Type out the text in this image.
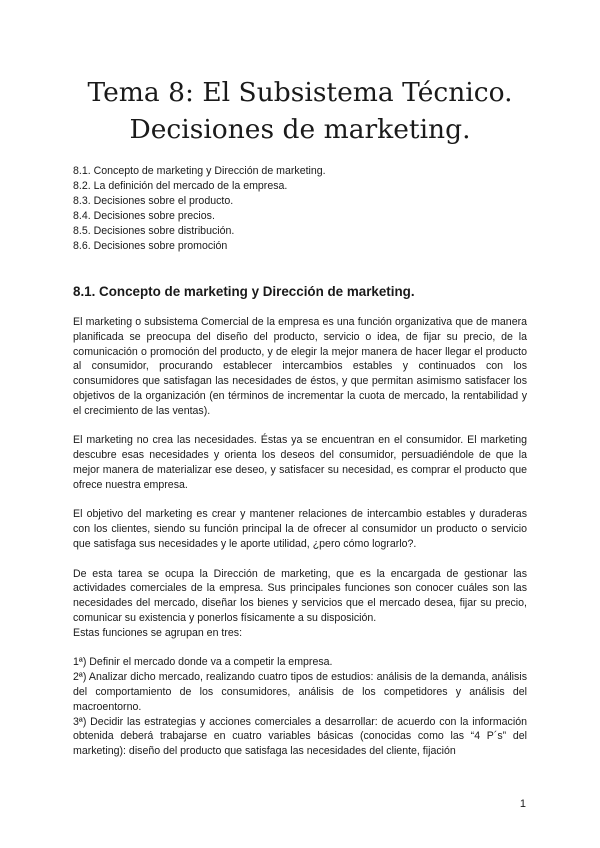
Tema 8: El Subsistema Técnico.
Decisiones de marketing.
8.1. Concepto de marketing y Dirección de marketing.
8.2. La definición del mercado de la empresa.
8.3. Decisiones sobre el producto.
8.4. Decisiones sobre precios.
8.5. Decisiones sobre distribución.
8.6. Decisiones sobre promoción
8.1. Concepto de marketing y Dirección de marketing.

El marketing o subsistema Comercial de la empresa es una función organizativa que de manera planificada se preocupa del diseño del producto, servicio o idea, de fijar su precio, de la comunicación o promoción del producto, y de elegir la mejor manera de hacer llegar el producto al consumidor, procurando establecer intercambios estables y continuados con los consumidores que satisfagan las necesidades de éstos, y que permitan asimismo satisfacer los objetivos de la organización (en términos de incrementar la cuota de mercado, la rentabilidad y el crecimiento de las ventas).

El marketing no crea las necesidades. Éstas ya se encuentran en el consumidor. El marketing descubre esas necesidades y orienta los deseos del consumidor, persuadiéndole de que la mejor manera de materializar ese deseo, y satisfacer su necesidad, es comprar el producto que ofrece nuestra empresa.

El objetivo del marketing es crear y mantener relaciones de intercambio estables y duraderas con los clientes, siendo su función principal la de ofrecer al consumidor un producto o servicio que satisfaga sus necesidades y le aporte utilidad, ¿pero cómo lograrlo?.

De esta tarea se ocupa la Dirección de marketing, que es la encargada de gestionar las actividades comerciales de la empresa. Sus principales funciones son conocer cuáles son las necesidades del mercado, diseñar los bienes y servicios que el mercado desea, fijar su precio, comunicar su existencia y ponerlos físicamente a su disposición.

Estas funciones se agrupan en tres:

1ª) Definir el mercado donde va a competir la empresa.

2ª) Analizar dicho mercado, realizando cuatro tipos de estudios: análisis de la demanda, análisis del comportamiento de los consumidores, análisis de los competidores y análisis del macroentorno.

3ª) Decidir las estrategias y acciones comerciales a desarrollar: de acuerdo con la información obtenida deberá trabajarse en cuatro variables básicas (conocidas como las “4 P´s” del marketing): diseño del producto que satisfaga las necesidades del cliente, fijación

1
